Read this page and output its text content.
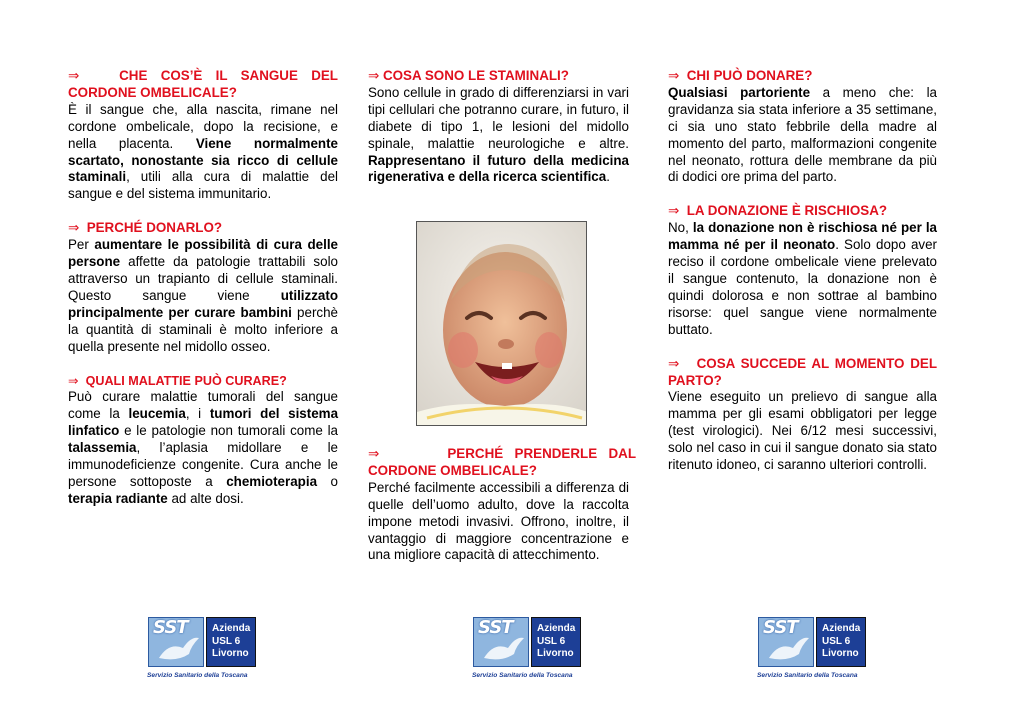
⇒	CHE COS’È IL SANGUE DEL CORDONE OMBELICALE?

È il sangue che, alla nascita, rimane nel cordone ombelicale, dopo la recisione, e nella placenta. Viene normalmente scartato, nonostante sia ricco di cellule staminali, utili alla cura di malattie del sangue e del sistema immunitario.

⇒ PERCHÉ DONARLO?

Per aumentare le possibilità di cura delle persone affette da patologie trattabili solo attraverso un trapianto di cellule staminali. Questo sangue viene utilizzato principalmente per curare bambini perchè la quantità di staminali è molto inferiore a quella presente nel midollo osseo.

⇒ QUALI MALATTIE PUÒ CURARE?

Può curare malattie tumorali del sangue come la leucemia, i tumori del sistema linfatico e le patologie non tumorali come la talassemia, l’aplasia midollare e le immunodeficienze congenite. Cura anche le persone sottoposte a chemioterapia o terapia radiante ad alte dosi.

⇒ COSA SONO LE STAMINALI?

Sono cellule in grado di differenziarsi in vari tipi cellulari che potranno curare, in futuro, il diabete di tipo 1, le lesioni del midollo spinale, malattie neurologiche e altre. Rappresentano il futuro della medicina rigenerativa e della ricerca scientifica.

⇒	PERCHÉ PRENDERLE DAL CORDONE OMBELICALE?

Perché facilmente accessibili a differenza di quelle dell’uomo adulto, dove la raccolta impone metodi invasivi. Offrono, inoltre, il vantaggio di maggiore concentrazione e una migliore capacità di attecchimento.

⇒ CHI PUÒ DONARE?

Qualsiasi partoriente a meno che: la gravidanza sia stata inferiore a 35 settimane, ci sia uno stato febbrile della madre al momento del parto, malformazioni congenite nel neonato, rottura delle membrane da più di dodici ore prima del parto.

⇒ LA DONAZIONE È RISCHIOSA?

No, la donazione non è rischiosa né per la mamma né per il neonato. Solo dopo aver reciso il cordone ombelicale viene prelevato il sangue contenuto, la donazione non è quindi dolorosa e non sottrae al bambino risorse: quel sangue viene normalmente buttato.

⇒ COSA SUCCEDE AL MOMENTO DEL PARTO?

Viene eseguito un prelievo di sangue alla mamma per gli esami obbligatori per legge (test virologici). Nei 6/12 mesi successivi, solo nel caso in cui il sangue donato sia stato ritenuto idoneo, ci saranno ulteriori controlli.

SST Azienda
USL 6
Livorno
Servizio Sanitario della Toscana
SST Azienda
USL 6
Livorno
Servizio Sanitario della Toscana
SST Azienda
USL 6
Livorno
Servizio Sanitario della Toscana
